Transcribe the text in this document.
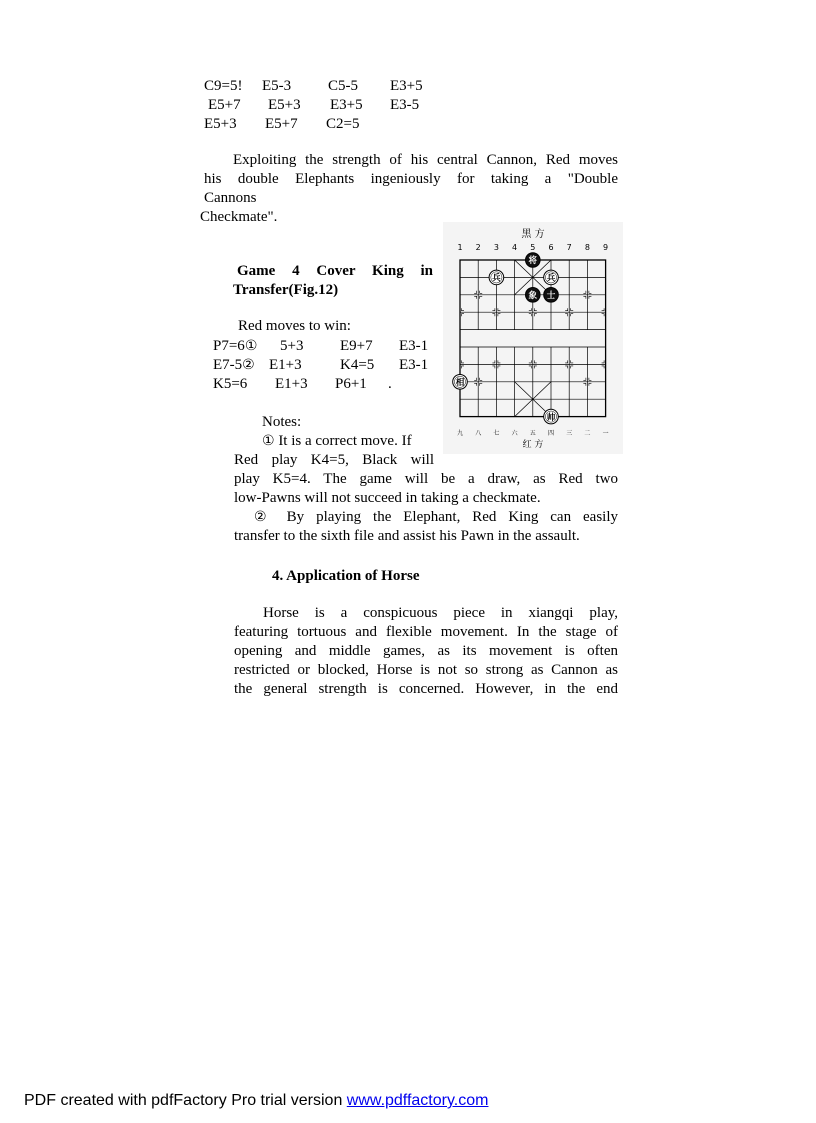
C9=5! E5-3 C5-5 E3+5
E5+7 E5+3 E3+5 E3-5
E5+3 E5+7 C2=5
Exploiting the strength of his central Cannon, Red moves
his double Elephants ingeniously for taking a "Double
Cannons
Checkmate".
Game 4 Cover King in
Transfer(Fig.12)
Red moves to win:
P7=6① 5+3 E9+7 E3-1
E7-5② E1+3	K4=5 E3-1
K5=6 E1+3 P6+1 .
Notes:
① It is a correct move. If
Red play K4=5, Black will
play K5=4. The game will be a draw, as Red two
low-Pawns will not succeed in taking a checkmate.
② By playing the Elephant, Red King can easily
transfer to the sixth file and assist his Pawn in the assault.
4. Application of Horse
Horse is a conspicuous piece in xiangqi play,
featuring tortuous and flexible movement. In the stage of
opening and middle games, as its movement is often
restricted or blocked, Horse is not so strong as Cannon as
the general strength is concerned. However, in the end
黑 方
红 方
1 2 3 4 5 6 7 8 9
九 八 七 六 五 四 三 二 一
将
兵	兵
象 士
相
帅
PDF created with pdfFactory Pro trial version www.pdffactory.com
